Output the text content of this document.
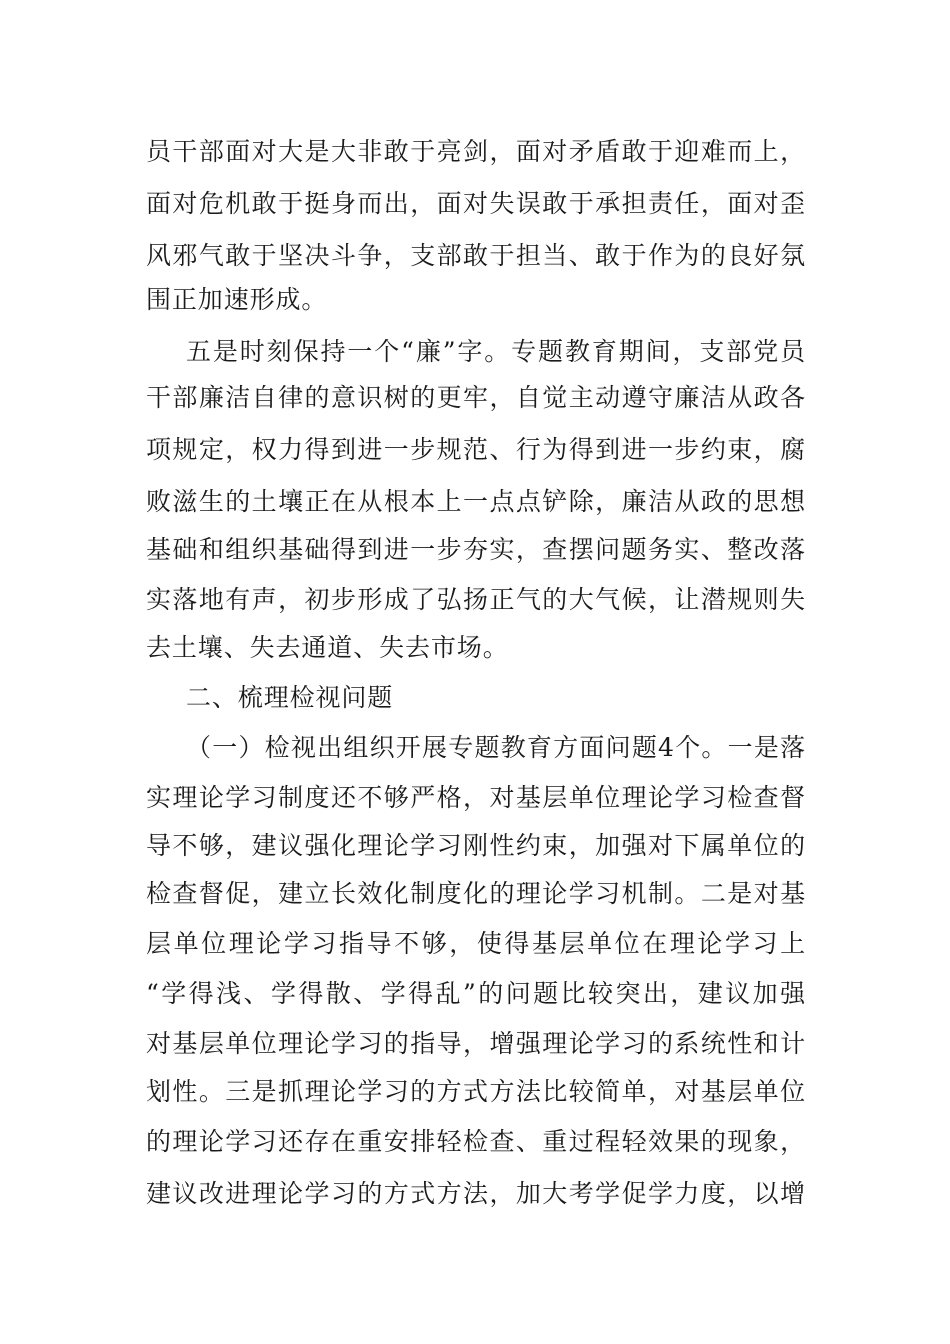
员干部面对大是大非敢于亮剑，面对矛盾敢于迎难而上，

面对危机敢于挺身而出，面对失误敢于承担责任，面对歪

风邪气敢于坚决斗争，支部敢于担当、敢于作为的良好氛

围正加速形成。

五是时刻保持一个“廉”字。专题教育期间，支部党员

干部廉洁自律的意识树的更牢，自觉主动遵守廉洁从政各

项规定，权力得到进一步规范、行为得到进一步约束，腐

败滋生的土壤正在从根本上一点点铲除，廉洁从政的思想

基础和组织基础得到进一步夯实，查摆问题务实、整改落

实落地有声，初步形成了弘扬正气的大气候，让潜规则失

去土壤、失去通道、失去市场。

二、梳理检视问题

（一）检视出组织开展专题教育方面问题4个。一是落

实理论学习制度还不够严格，对基层单位理论学习检查督

导不够，建议强化理论学习刚性约束，加强对下属单位的

检查督促，建立长效化制度化的理论学习机制。二是对基

层单位理论学习指导不够，使得基层单位在理论学习上

“学得浅、学得散、学得乱”的问题比较突出，建议加强

对基层单位理论学习的指导，增强理论学习的系统性和计

划性。三是抓理论学习的方式方法比较简单，对基层单位

的理论学习还存在重安排轻检查、重过程轻效果的现象，

建议改进理论学习的方式方法，加大考学促学力度，以增
